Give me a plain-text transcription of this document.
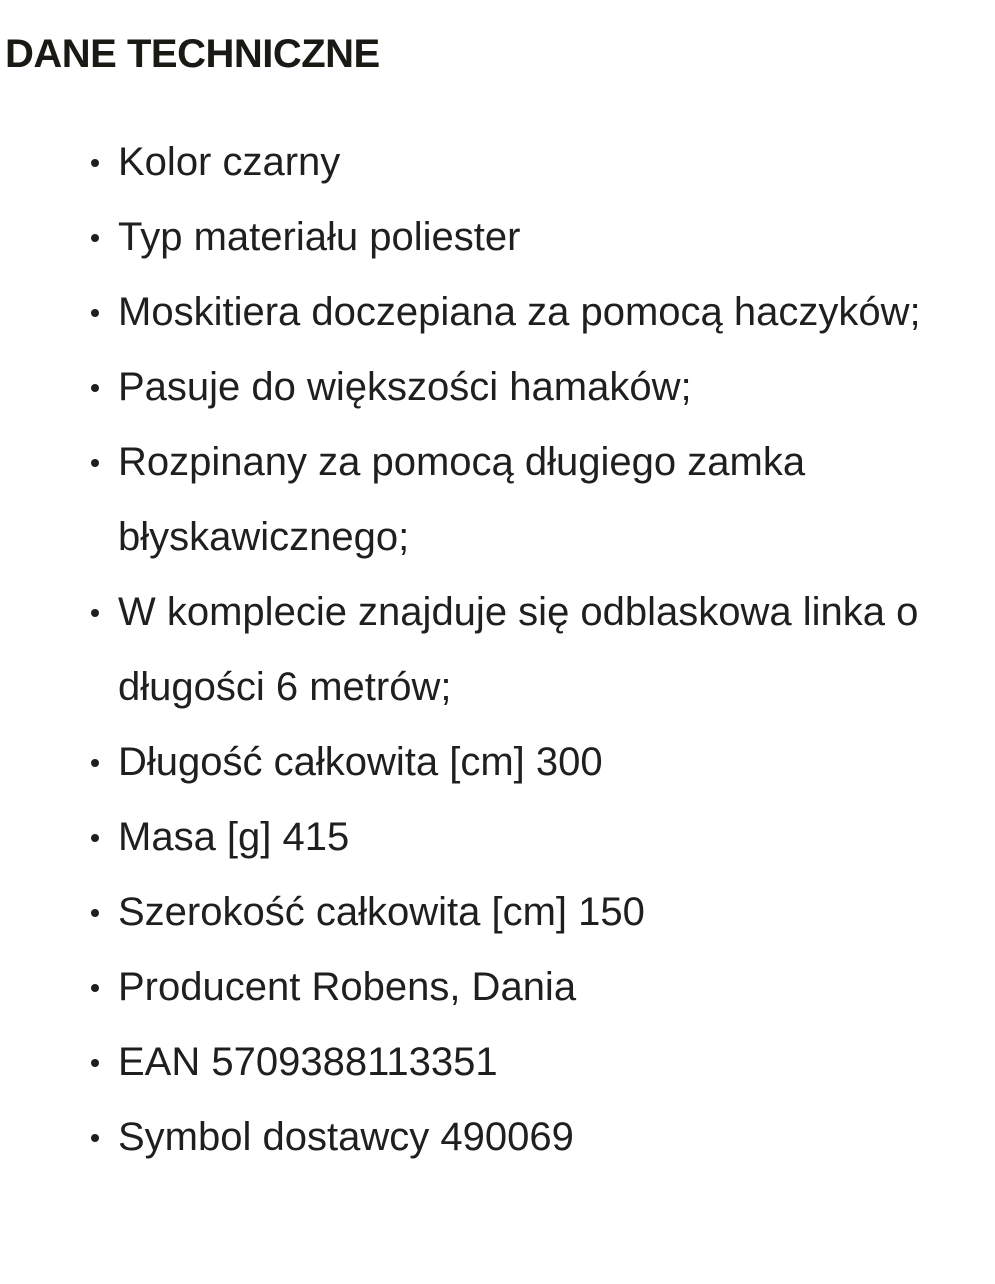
DANE TECHNICZNE
Kolor czarny
Typ materiału poliester
Moskitiera doczepiana za pomocą haczyków;
Pasuje do większości hamaków;
Rozpinany za pomocą długiego zamka błyskawicznego;
W komplecie znajduje się odblaskowa linka o długości 6 metrów;
Długość całkowita [cm] 300
Masa [g] 415
Szerokość całkowita [cm] 150
Producent Robens, Dania
EAN 5709388113351
Symbol dostawcy 490069
